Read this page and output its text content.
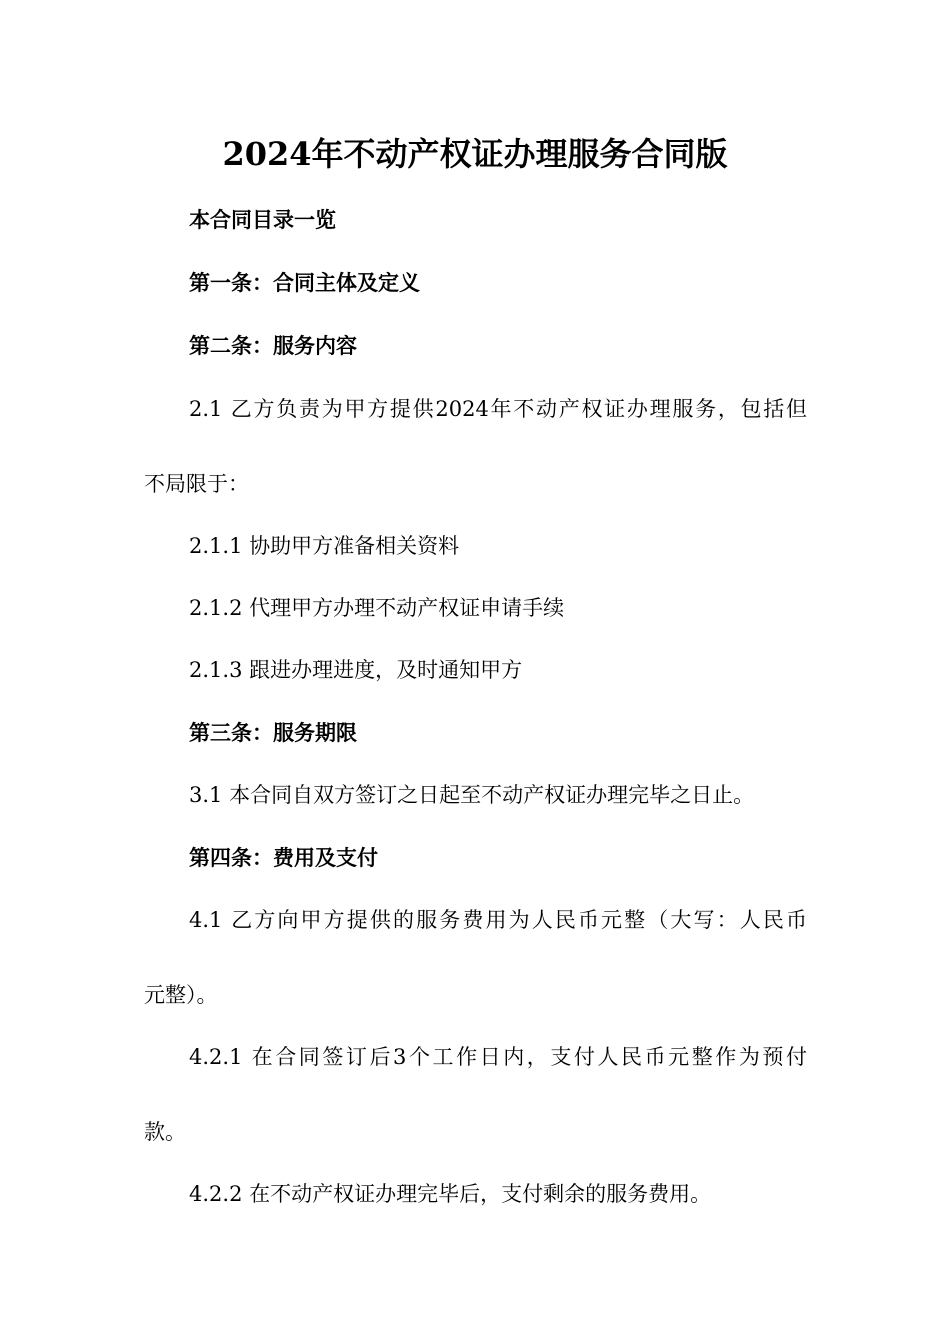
2024年不动产权证办理服务合同版
本合同目录一览
第一条：合同主体及定义
第二条：服务内容
2.1 乙方负责为甲方提供2024年不动产权证办理服务，包括但
不局限于：
2.1.1 协助甲方准备相关资料
2.1.2 代理甲方办理不动产权证申请手续
2.1.3 跟进办理进度，及时通知甲方
第三条：服务期限
3.1 本合同自双方签订之日起至不动产权证办理完毕之日止。
第四条：费用及支付
4.1 乙方向甲方提供的服务费用为人民币元整（大写：人民币
元整）。
4.2.1 在合同签订后3个工作日内，支付人民币元整作为预付
款。
4.2.2 在不动产权证办理完毕后，支付剩余的服务费用。
